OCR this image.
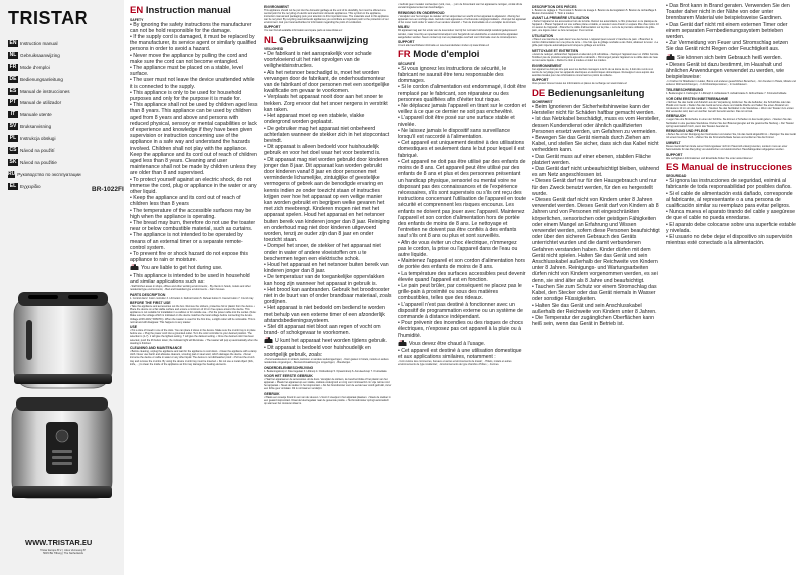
TRISTAR
EN Instruction manual
NL Gebruiksaanwijzing
FR Mode d'emploi
DE Bedienungsanleitung
ES Manual de instrucciones
PT Manual de utilizador
IT	Manuale utente
SV Bruksanvisning
PL Instrukcja obsługi
CS Návod na použití
SK Návod na použitie
RU Руководство по эксплуатации
EL Εγχειρίδιο	BR-1022FI
WWW.TRISTAR.EU
Tristar Europe B.V. | Jules Verneweg 87
5015 BH Tilburg | The Netherlands
EN Instruction manual
SAFETY

• By ignoring the safety instructions the manufacturer can not be hold responsible for the damage.

• If the supply cord is damaged, it must be replaced by the manufacturer, its service agent or similarly qualified persons in order to avoid a hazard.

• Never move the appliance by pulling the cord and make sure the cord can not become entangled.

• The appliance must be placed on a stable, level surface.

• The user must not leave the device unattended while it is connected to the supply.

• This appliance is only to be used for household purposes and only for the purpose it is made for.

• This appliance shall not be used by children aged less than 8 years. This appliance can be used by children aged from 8 years and above and persons with reduced physical, sensory or mental capabilities or lack of experience and knowledge if they have been given supervision or instruction concerning use of the appliance in a safe way and understand the hazards involved. Children shall not play with the appliance. Keep the appliance and its cord out of reach of children aged less than 8 years. Cleaning and user maintenance shall not be made by children unless they are older than 8 and supervised.

• To protect yourself against an electric shock, do not immerse the cord, plug or appliance in the water or any other liquid.

• Keep the appliance and its cord out of reach of children less than 8 years

• The temperature of the accessible surfaces may be high when the appliance is operating.

• The bread may burn, therefore do not use the toaster near or below combustible material, such as curtains.

• The appliance is not intended to be operated by means of an external timer or a separate remote-control system.

• To prevent fire or shock hazard do not expose this appliance to rain or moisture.

You are liable to get hot during use.

• This appliance is intended to be used in household and similar applications such as:

- Staff kitchen areas in shops, offices and other working environments; - By clients in hotels, motels and other residential type environments; - Bed and breakfast type environments. - Farm houses.

PARTS DESCRIPTION

1. Control dial 2. Color controller 3. Lift button 4. Defrost button 5. Reheat button 6. Cancel button 7. Crumb tray

BEFORE THE FIRST USE

• Take the appliance and accessories out the box. Remove the stickers, protective foil or plastic from the device. • Place the device on a flat stable surface and ensure a minimum of 10 cm free space around the device. This appliance is not suitable for installation in a cabinet or for outside use. • Put the power cable into the socket. (Note: Make sure the voltage which is indicated on the device matches the local voltage before connecting the device. Voltage 220V-240V, 50/60Hz) • When the toaster is used for the first time, a slight odour will be noticeable. This is normal and will disappear. This happens to any toaster.

USE

• Put a slice of bread in one of the slots. You can place 2 slices in the device. Make sure the crumb tray is in place before use. • Plug the power cord into a grounded outlet. Turn the color controller to your desired position. The selection is (1-7). 1 will give the lightest setting, 7 will give the darkest setting. • Once the desired color has been selected, push the lift button down; the indicator light will illuminate. • The toaster will pop up automatically when the toasting is finished.

CLEANING AND MAINTENANCE

• Before cleaning, unplug the appliance and wait for the appliance to cool down. • Clean the appliance with a damp cloth. Never use harsh and abrasive cleaners, scouring pad or steel wool, which damages the device. • Never immerse the device or cable in water or any other liquid. The device is not dishwasher proof. • Pull out the crumb tray and remove the crumbs. By using the device crumb tray must be inserted. • Do not use a metal object (fork, knife, ...) to clean the inside of the appliance as this may damage the heating elements.

ENVIRONMENT

This appliance should not be put into the domestic garbage at the end of its durability, but must be offered at a central point for the recycling of electric and electronic domestic appliances. This symbol on the appliance, instruction manual and packaging puts your attention to this important issue. The materials used in this appliance can be recycled. By recycling used domestic appliances you contribute an important push to the protection of our environment. Ask your local authorities for information regarding the point of recollection.

SUPPORT

You can find all available information and spare parts at www.tristar.eu!

NL Gebruiksaanwijzing
VEILIGHEID

• De fabrikant is niet aansprakelijk voor schade voortvloeiend uit het niet opvolgen van de veiligheidsinstructies.

• Als het netsnoer beschadigd is, moet het worden vervangen door de fabrikant, de onderhoudsmonteur van de fabrikant of door personen met een soortgelijke kwalificatie om gevaar te voorkomen.

• Verplaats het apparaat nooit door aan het snoer te trekken. Zorg ervoor dat het snoer nergens in verstrikt kan raken.

• Het apparaat moet op een stabiele, vlakke ondergrond worden geplaatst.

• De gebruiker mag het apparaat niet onbeheerd achterlaten wanneer de stekker zich in het stopcontact bevindt.

• Dit apparaat is alleen bedoeld voor huishoudelijk gebruik en voor het doel waar het voor bestemd is.

• Dit apparaat mag niet worden gebruikt door kinderen jonger dan 8 jaar. Dit apparaat kan worden gebruikt door kinderen vanaf 8 jaar en door personen met verminderde lichamelijke, zintuiglijke of geestelijke vermogens of gebrek aan de benodigde ervaring en kennis indien ze onder toezicht staan of instructies krijgen over hoe het apparaat op een veilige manier kan worden gebruikt en begrijpen welke gevaren het met zich meebrengt. Kinderen mogen niet met het apparaat spelen. Houd het apparaat en het netsnoer buiten bereik van kinderen jonger dan 8 jaar. Reiniging en onderhoud mag niet door kinderen uitgevoerd worden, tenzij ze ouder zijn dan 8 jaar en onder toezicht staan.

• Dompel het snoer, de stekker of het apparaat niet onder in water of andere vloeistoffen om u te beschermen tegen een elektrische schok.

• Houd het apparaat en het netsnoer buiten bereik van kinderen jonger dan 8 jaar.

• De temperatuur van de toegankelijke oppervlakken kan hoog zijn wanneer het apparaat in gebruik is.

• Het brood kan aanbranden. Gebruik het broodrooster niet in de buurt van of onder brandbaar materiaal, zoals gordijnen.

• Het apparaat is niet bedoeld om bediend te worden met behulp van een externe timer of een afzonderlijk afstandsbedieningssysteem.

• Stel dit apparaat niet bloot aan regen of vocht om brand- of schokgevaar te voorkomen.

U kunt het apparaat heet worden tijdens gebruik.

• Dit apparaat is bedoeld voor huishoudelijk en soortgelijk gebruik, zoals:

- Personeelskeukens in winkels, kantoren en andere werkomgevingen; - Door gasten in hotels, motels en andere residentiële omgevingen; - Bed-and-breakfast-type omgevingen; - Boerderijen.

ONDERDELENBESCHRIJVING

1. Bedieningsknop 2. Kleurregelaar 3. Liftknop 4. Ontdooiknop 5. Opwarmknop 6. Annuleerknop 7. Kruimellade

VOOR HET EERSTE GEBRUIK

• Haal het apparaat en de accessoires uit de doos. Verwijder de stickers, de beschermfolie of het plastic van het apparaat. • Plaats het apparaat op een vlakke, stabiele ondergrond en zorg voor minimaal 10 cm vrije ruimte rond het apparaat. • Steek de stekker in het stopcontact. • Als het broodrooster voor de eerste keer wordt gebruikt, zal er een lichte geur ontstaan. Dit is normaal en verdwijnt.

GEBRUIK

• Plaats een sneetje brood in een van de sleuven. U kunt 2 sneetjes in het apparaat plaatsen. • Steek de stekker in een geaard stopcontact. Draai de kleurregelaar naar de gewenste positie. • Het broodrooster springt automatisch op wanneer het roosteren klaar is.

• Gebruik geen metalen voorwerpen (vork, mes, ...) om de binnenkant van het apparaat te reinigen, omdat dit de verwarmingselementen kan beschadigen.

REINIGING EN ONDERHOUD

• Verwijder voor het reinigen de stekker uit het stopcontact en wacht tot het apparaat is afgekoeld. • Reinig het apparaat met een vochtige doek. Gebruik nooit agressieve of schurende reinigingsmiddelen. • Dompel het apparaat of het snoer nooit onder in water of een andere vloeistof. • Trek de kruimellade uit en verwijder de kruimels.

MILIEU

Dit apparaat mag aan het einde van de levensduur niet bij het normale huishoudelijk restafval gedeponeerd worden, maar moet bij een speciaal inzamelpunt voor hergebruik van elektrische en elektronische apparaten aangeboden worden. Neem contact op met uw plaatselijke overheid voor informatie over de inzamelpunten.

SUPPORT

U kunt alle beschikbare informatie en reserveonderdelen vinden op www.tristar.eu!

FR Mode d'emploi
SÉCURITÉ

• Si vous ignorez les instructions de sécurité, le fabricant ne saurait être tenu responsable des dommages.

• Si le cordon d'alimentation est endommagé, il doit être remplacé par le fabricant, son réparateur ou des personnes qualifiées afin d'éviter tout risque.

• Ne déplacez jamais l'appareil en tirant sur le cordon et veillez à ce que ce dernier ne soit pas enchevêtré.

• L'appareil doit être posé sur une surface stable et nivelée.

• Ne laissez jamais le dispositif sans surveillance lorsqu'il est raccordé à l'alimentation.

• Cet appareil est uniquement destiné à des utilisations domestiques et seulement dans le but pour lequel il est fabriqué.

• Cet appareil ne doit pas être utilisé par des enfants de moins de 8 ans. Cet appareil peut être utilisé par des enfants de 8 ans et plus et des personnes présentant un handicap physique, sensoriel ou mental voire ne disposant pas des connaissances et de l'expérience nécessaires, s'ils sont supervisés ou s'ils ont reçu des instructions concernant l'utilisation de l'appareil en toute sécurité et comprennent les risques encourus. Les enfants ne doivent pas jouer avec l'appareil. Maintenez l'appareil et son cordon d'alimentation hors de portée des enfants de moins de 8 ans. Le nettoyage et l'entretien ne doivent pas être confiés à des enfants sauf s'ils ont 8 ans ou plus et sont surveillés.

• Afin de vous éviter un choc électrique, n'immergez pas le cordon, la prise ou l'appareil dans de l'eau ou autre liquide.

• Maintenez l'appareil et son cordon d'alimentation hors de portée des enfants de moins de 8 ans.

• La température des surfaces accessibles peut devenir élevée quand l'appareil est en fonction.

• Le pain peut brûler, par conséquent ne placez pas le grille-pain à proximité ou sous des matières combustibles, telles que des rideaux.

• L'appareil n'est pas destiné à fonctionner avec un dispositif de programmation externe ou un système de commande à distance indépendant.

• Pour prévenir des incendies ou des risques de chocs électriques, n'exposez pas cet appareil à la pluie ou à l'humidité.

Vous devez être chaud à l'usage.

• Cet appareil est destiné à une utilisation domestique et aux applications similaires, notamment :

- Coin cuisine des commerces, bureaux et autres environnements de travail ; - Hôtels, motels et autres environnements de type résidentiel ; - Environnements de type chambre d'hôtes ; - Fermes.

DESCRIPTION DES PIÈCES

1. Bouton de réglage 2. Thermostat 3. Bouton de levage 4. Bouton de décongélation 5. Bouton de réchauffage 6. Bouton d'annulation 7. Tiroir à miettes

AVANT LA PREMIÈRE UTILISATION

• Sortez l'appareil et les accessoires hors de la boîte. Retirez les autocollants, le film protecteur ou le plastique de l'appareil. • Placez l'appareil sur une surface plane et stable, et assurez-vous d'avoir un espace libre d'au moins 10 cm autour de l'appareil. • Branchez le câble d'alimentation sur la prise. • Lors de la première utilisation du grille-pain, une légère odeur se fera remarquer. C'est normal.

UTILISATION

• Placez une tranche de pain dans l'une des fentes. L'appareil peut recevoir 2 tranches de pain. • Branchez le cordon d'alimentation sur une prise de terre. • Une fois que le grillage souhaité a été choisi, abaissez le levier. • Le grille-pain s'éjecte automatiquement lorsque le grillage est terminé.

NETTOYAGE ET ENTRETIEN

• Avant de nettoyer, débranchez l'appareil et attendez qu'il refroidisse. • Nettoyez l'appareil avec un chiffon humide. N'utilisez pas de produits nettoyants agressifs et abrasifs. • N'immergez jamais l'appareil ou le câble dans de l'eau ou tout autre liquide. • Retirez le tiroir à miettes et videz les miettes.

ENVIRONNEMENT

Cet appareil ne doit pas être jeté avec les déchets ménagers à la fin de sa durée de vie, il doit être remis à un centre de recyclage pour les appareils électriques et électroniques domestiques. Renseignez-vous auprès des autorités locales pour des informations concernant les points de collecte.

SUPPORT

Vous pouvez trouver toutes les informations et pièces de rechange sur www.tristar.eu!

DE Bedienungsanleitung
SICHERHEIT

• Beim Ignorieren der Sicherheitshinweise kann der Hersteller nicht für Schäden haftbar gemacht werden.

• Ist das Netzkabel beschädigt, muss es vom Hersteller, dessen Kundendienst oder ähnlich qualifizierten Personen ersetzt werden, um Gefahren zu vermeiden.

• Bewegen Sie das Gerät niemals durch Ziehen am Kabel, und stellen Sie sicher, dass sich das Kabel nicht verheddern kann.

• Das Gerät muss auf einer ebenen, stabilen Fläche platziert werden.

• Das Gerät darf nicht unbeaufsichtigt bleiben, während es am Netz angeschlossen ist.

• Dieses Gerät darf nur für den Hausgebrauch und nur für den Zweck benutzt werden, für den es hergestellt wurde.

• Dieses Gerät darf nicht von Kindern unter 8 Jahren verwendet werden. Dieses Gerät darf von Kindern ab 8 Jahren und von Personen mit eingeschränkten körperlichen, sensorischen oder geistigen Fähigkeiten oder einem Mangel an Erfahrung und Wissen verwendet werden, sofern diese Personen beaufsichtigt oder über den sicheren Gebrauch des Geräts unterrichtet wurden und die damit verbundenen Gefahren verstanden haben. Kinder dürfen mit dem Gerät nicht spielen. Halten Sie das Gerät und sein Anschlusskabel außerhalb der Reichweite von Kindern unter 8 Jahren. Reinigungs- und Wartungsarbeiten dürfen nicht von Kindern vorgenommen werden, es sei denn, sie sind älter als 8 Jahre und beaufsichtigt.

• Tauchen Sie zum Schutz vor einem Stromschlag das Kabel, den Stecker oder das Gerät niemals in Wasser oder sonstige Flüssigkeiten.

• Halten Sie das Gerät und sein Anschlusskabel außerhalb der Reichweite von Kindern unter 8 Jahren.

• Die Temperatur der zugänglichen Oberflächen kann heiß sein, wenn das Gerät in Betrieb ist.

• Das Brot kann in Brand geraten. Verwenden Sie den Toaster daher nicht in der Nähe von oder unter brennbarem Material wie beispielsweise Gardinen.

• Das Gerät darf nicht mit einem externen Timer oder einem separaten Fernbedienungssystem betrieben werden.

• Zur Vermeidung von Feuer und Stromschlag setzen Sie das Gerät nicht Regen oder Feuchtigkeit aus.

Sie können sich beim Gebrauch heiß werden.

• Dieses Gerät ist dazu bestimmt, im Haushalt und ähnlichen Anwendungen verwendet zu werden, wie beispielsweise:

- In Küchen für Mitarbeiter in Läden, Büros und anderen gewerblichen Bereichen; - Von Kunden in Hotels, Motels und anderen Wohneinrichtungen; - In Frühstückspensionen; - In Gutshäusern.

TEILEBESCHREIBUNG

1. Bedienregler 2. Farbregler 3. Liftknopf 4. Auftautaste 5. Aufwärmtaste 6. Abbruchtaste 7. Krümelschublade

VOR DEM ERSTEN INBETRIEBNAHME

• Nehmen Sie das Gerät und Zubehör aus der Verpackung. Entfernen Sie die Aufkleber, die Schutzfolie oder das Plastik vom Gerät. • Stellen Sie das Gerät auf eine ebene und stabile Fläche und halten Sie einen Abstand von mindestens 10 cm um das Gerät ein. • Stecken Sie das Netzkabel in die Steckdose. • Wenn der Toaster zum ersten Mal verwendet wird, kann ein leichter Geruch bemerkt werden. Das ist normal.

GEBRAUCH

• Legen Sie eine Brotscheibe in einen der Schlitze. Sie können 2 Scheiben in das Gerät geben. • Stecken Sie das Netzkabel in eine geerdete Steckdose. Drehen Sie den Bräunungsregler auf die gewünschte Stellung. • Der Toaster springt automatisch hoch, wenn das Toasten beendet ist.

REINIGUNG UND PFLEGE

• Ziehen Sie vor der Reinigung den Netzstecker und warten Sie, bis das Gerät abgekühlt ist. • Reinigen Sie das Gerät mit einem feuchten Tuch. • Ziehen Sie die Krümelschublade heraus und entfernen Sie die Krümel.

UMWELT

Dieses Gerät darf am Ende seiner Nutzungsdauer nicht im Hausmüll entsorgt werden, sondern muss an einer Sammelstelle für das Recycling von elektrischen und elektronischen Haushaltsgeräten abgegeben werden.

SUPPORT

Alle verfügbaren Informationen und Ersatzteile finden Sie unter www.tristar.eu!

ES Manual de instrucciones
SEGURIDAD

• Si ignora las instrucciones de seguridad, eximirá al fabricante de toda responsabilidad por posibles daños.

• Si el cable de alimentación está dañado, corresponde al fabricante, al representante o a una persona de cualificación similar su reemplazo para evitar peligros.

• Nunca mueva el aparato tirando del cable y asegúrese de que el cable no pueda enredarse.

• El aparato debe colocarse sobre una superficie estable y nivelada.

• El usuario no debe dejar el dispositivo sin supervisión mientras esté conectado a la alimentación.
